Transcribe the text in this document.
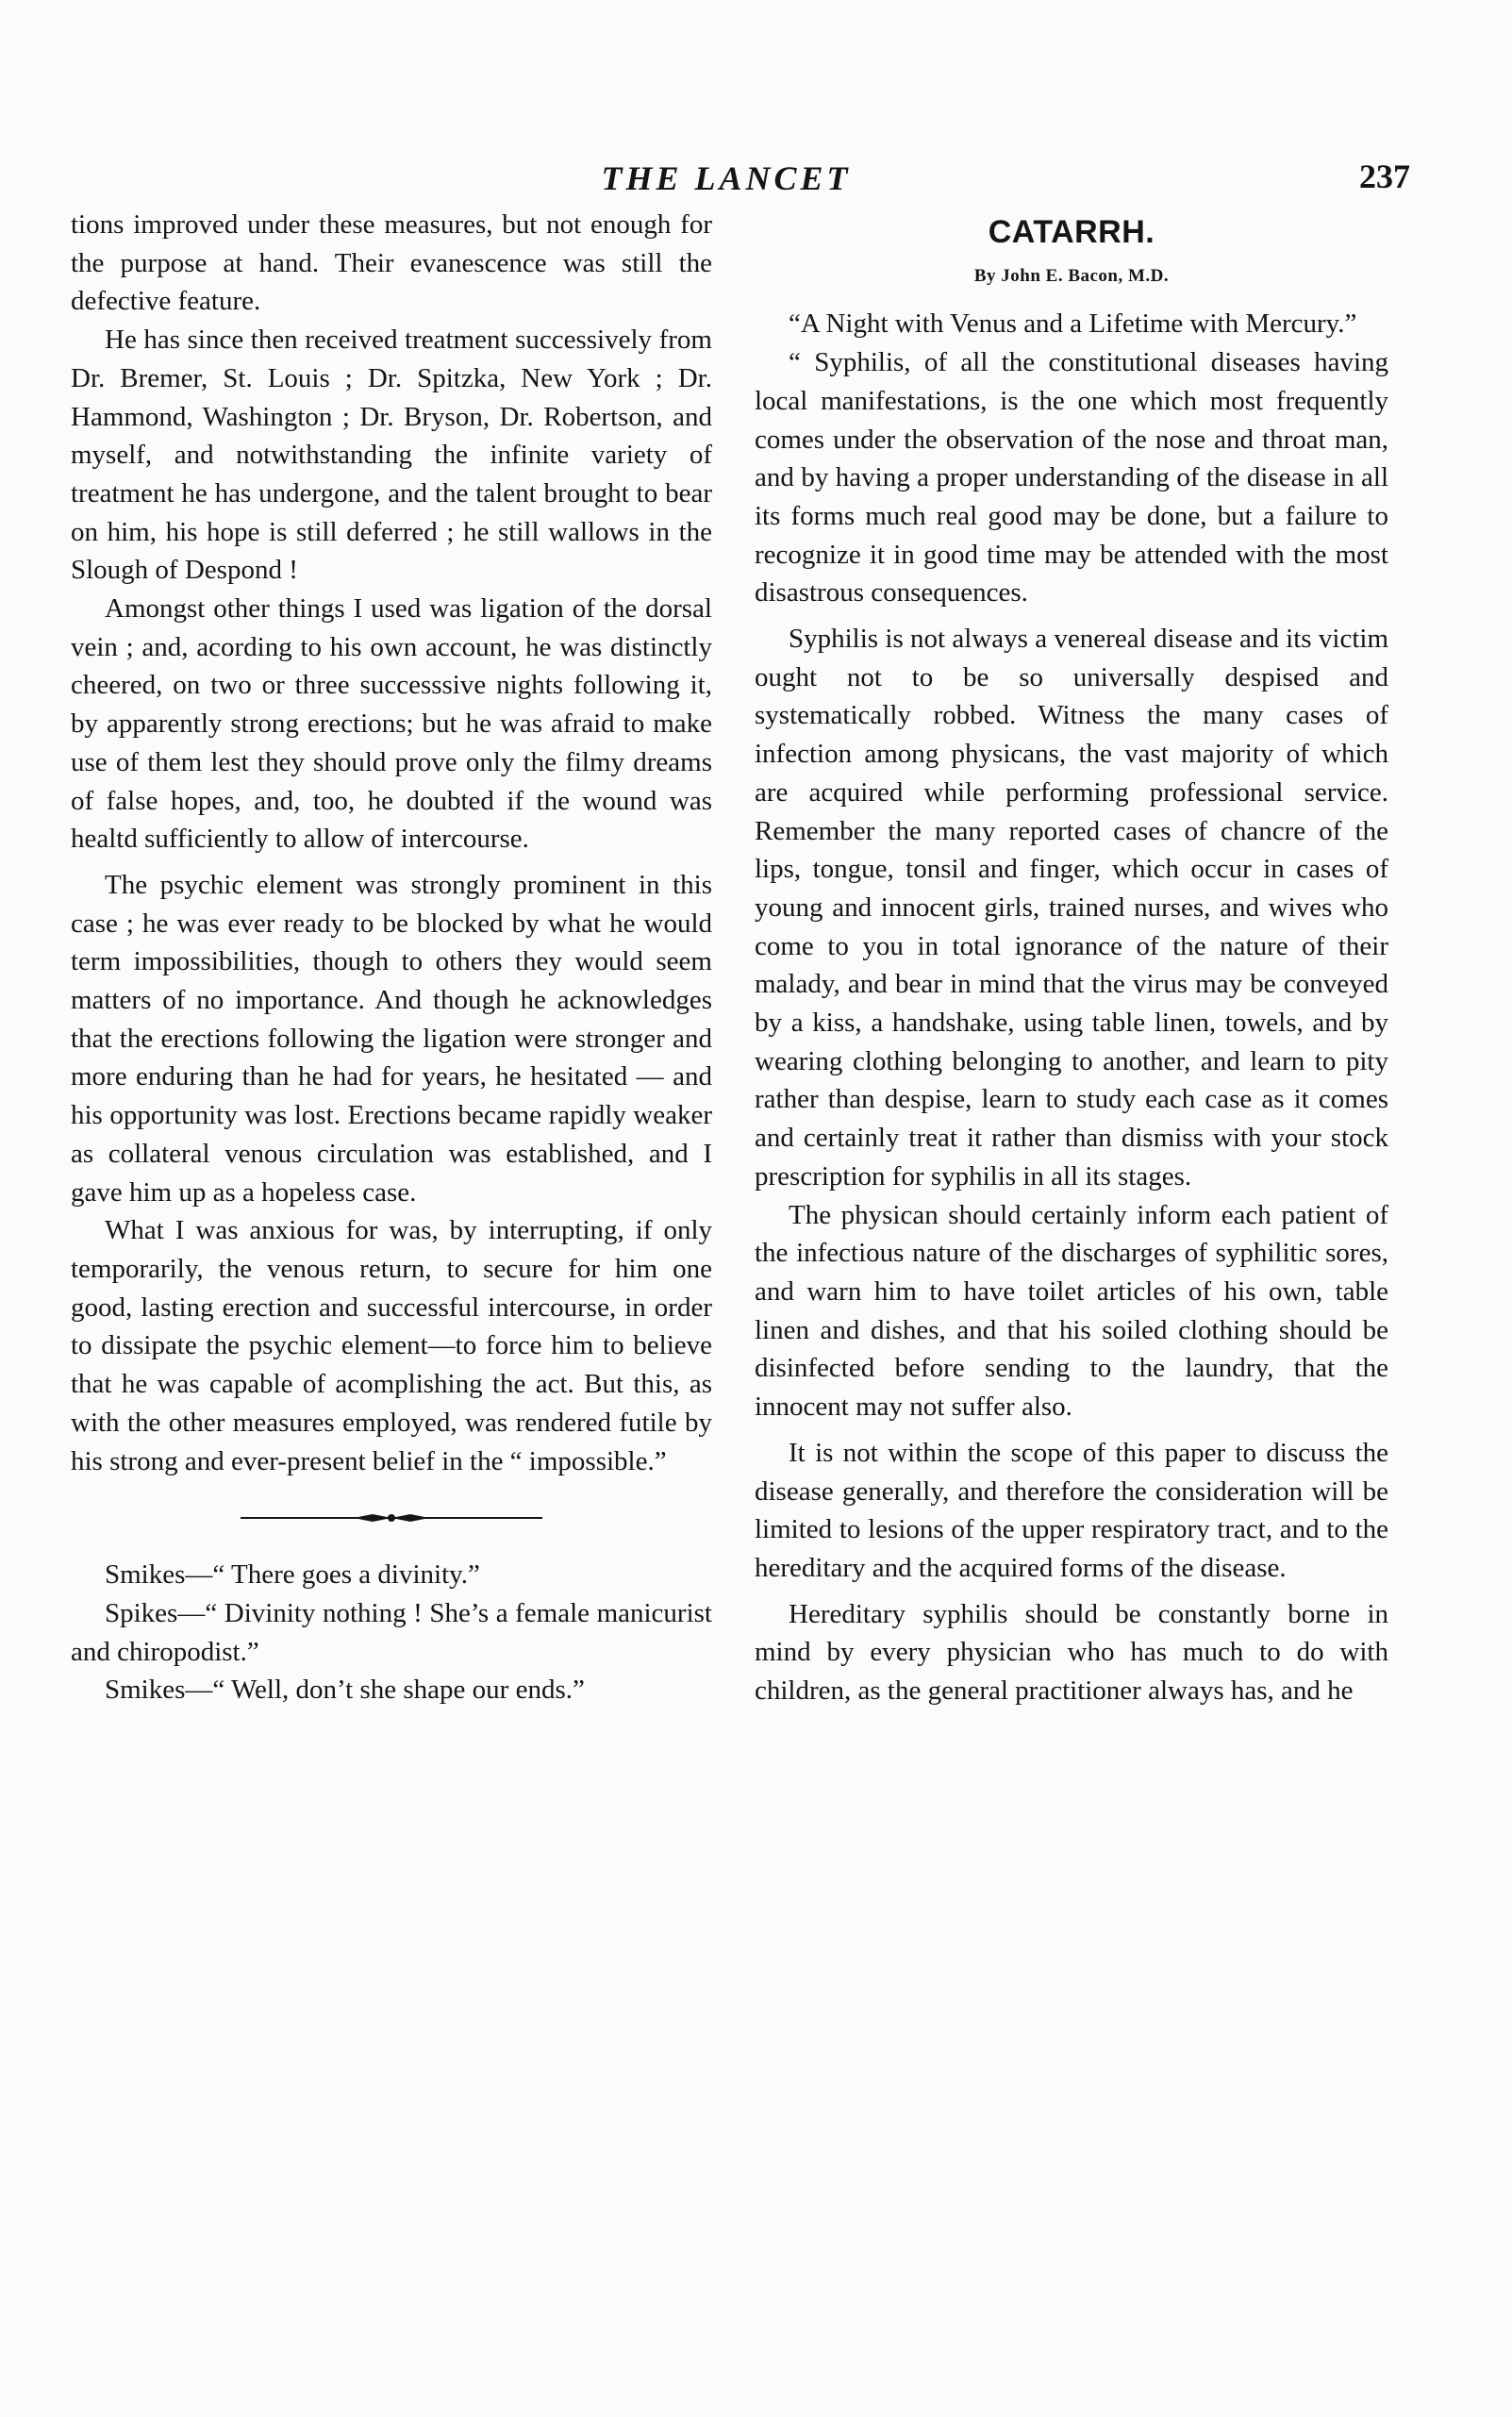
THE LANCET	237

tions improved under these measures, but not enough for the purpose at hand. Their evanescence was still the defective feature.

He has since then received treatment successively from Dr. Bremer, St. Louis ; Dr. Spitzka, New York ; Dr. Hammond, Washington ; Dr. Bryson, Dr. Robertson, and myself, and notwithstanding the infinite variety of treatment he has undergone, and the talent brought to bear on him, his hope is still deferred ; he still wallows in the Slough of Despond !

Amongst other things I used was ligation of the dorsal vein ; and, acording to his own account, he was distinctly cheered, on two or three successsive nights following it, by apparently strong erections; but he was afraid to make use of them lest they should prove only the filmy dreams of false hopes, and, too, he doubted if the wound was healtd sufficiently to allow of intercourse.

The psychic element was strongly prominent in this case ; he was ever ready to be blocked by what he would term impossibilities, though to others they would seem matters of no importance. And though he acknowledges that the erections following the ligation were stronger and more enduring than he had for years, he hesitated — and his opportunity was lost. Erections became rapidly weaker as collateral venous circulation was established, and I gave him up as a hopeless case.

What I was anxious for was, by interrupting, if only temporarily, the venous return, to secure for him one good, lasting erection and successful intercourse, in order to dissipate the psychic element—to force him to believe that he was capable of acomplishing the act. But this, as with the other measures employed, was rendered futile by his strong and ever-present belief in the “ impossible.”

Smikes—“ There goes a divinity.”

Spikes—“ Divinity nothing ! She’s a female manicurist and chiropodist.”

Smikes—“ Well, don’t she shape our ends.”

CATARRH.
By John E. Bacon, M.D.

“A Night with Venus and a Lifetime with Mercury.”

“ Syphilis, of all the constitutional diseases having local manifestations, is the one which most frequently comes under the observation of the nose and throat man, and by having a proper understanding of the disease in all its forms much real good may be done, but a failure to recognize it in good time may be attended with the most disastrous consequences.

Syphilis is not always a venereal disease and its victim ought not to be so universally despised and systematically robbed. Witness the many cases of infection among physicans, the vast majority of which are acquired while performing professional service. Remember the many reported cases of chancre of the lips, tongue, tonsil and finger, which occur in cases of young and innocent girls, trained nurses, and wives who come to you in total ignorance of the nature of their malady, and bear in mind that the virus may be conveyed by a kiss, a handshake, using table linen, towels, and by wearing clothing belonging to another, and learn to pity rather than despise, learn to study each case as it comes and certainly treat it rather than dismiss with your stock prescription for syphilis in all its stages.

The physican should certainly inform each patient of the infectious nature of the discharges of syphilitic sores, and warn him to have toilet articles of his own, table linen and dishes, and that his soiled clothing should be disinfected before sending to the laundry, that the innocent may not suffer also.

It is not within the scope of this paper to discuss the disease generally, and therefore the consideration will be limited to lesions of the upper respiratory tract, and to the hereditary and the acquired forms of the disease.

Hereditary syphilis should be constantly borne in mind by every physician who has much to do with children, as the general practitioner always has, and he
